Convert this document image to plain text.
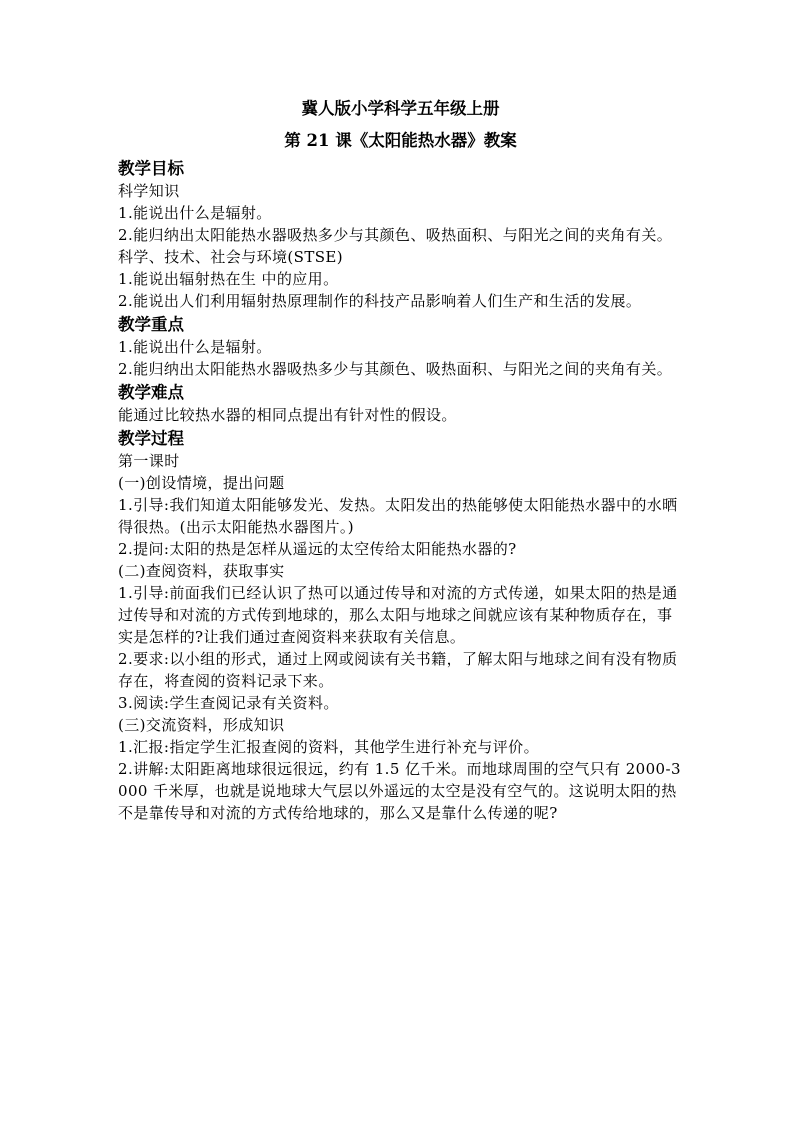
冀人版小学科学五年级上册
第 21 课《太阳能热水器》教案
教学目标
科学知识
1.能说出什么是辐射。
2.能归纳出太阳能热水器吸热多少与其颜色、吸热面积、与阳光之间的夹角有关。
科学、技术、社会与环境(STSE)
1.能说出辐射热在生 中的应用。
2.能说出人们利用辐射热原理制作的科技产品影响着人们生产和生活的发展。
教学重点
1.能说出什么是辐射。
2.能归纳出太阳能热水器吸热多少与其颜色、吸热面积、与阳光之间的夹角有关。
教学难点
能通过比较热水器的相同点提出有针对性的假设。
教学过程
第一课时
(一)创设情境，提出问题
1.引导:我们知道太阳能够发光、发热。太阳发出的热能够使太阳能热水器中的水晒得很热。(出示太阳能热水器图片。)
2.提问:太阳的热是怎样从遥远的太空传给太阳能热水器的?
(二)查阅资料，获取事实
1.引导:前面我们已经认识了热可以通过传导和对流的方式传递，如果太阳的热是通过传导和对流的方式传到地球的，那么太阳与地球之间就应该有某种物质存在，事实是怎样的?让我们通过查阅资料来获取有关信息。
2.要求:以小组的形式，通过上网或阅读有关书籍，了解太阳与地球之间有没有物质存在，将查阅的资料记录下来。
3.阅读:学生查阅记录有关资料。
(三)交流资料，形成知识
1.汇报:指定学生汇报查阅的资料，其他学生进行补充与评价。
2.讲解:太阳距离地球很远很远，约有 1.5 亿千米。而地球周围的空气只有 2000-3000 千米厚，也就是说地球大气层以外遥远的太空是没有空气的。这说明太阳的热不是靠传导和对流的方式传给地球的，那么又是靠什么传递的呢?
